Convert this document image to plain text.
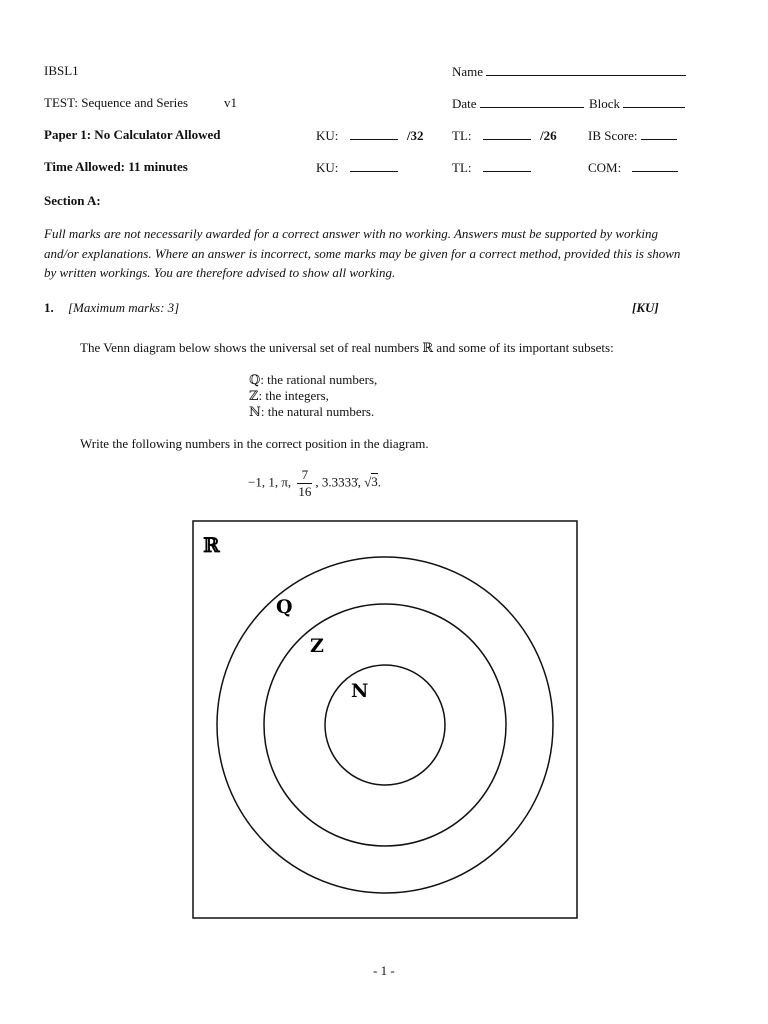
IBSL1	Name
TEST: Sequence and Series	v1	Date	Block
Paper 1: No Calculator Allowed	KU:	/32 TL:	/26 IB Score:
Time Allowed: 11 minutes	KU:	TL:	COM:
Section A:
Full marks are not necessarily awarded for a correct answer with no working. Answers must be supported by working and/or explanations. Where an answer is incorrect, some marks may be given for a correct method, provided this is shown by written workings. You are therefore advised to show all working.
1. [Maximum marks: 3]	[KU]
The Venn diagram below shows the universal set of real numbers ℝ and some of its important subsets:
ℚ: the rational numbers,
ℤ: the integers,
ℕ: the natural numbers.
Write the following numbers in the correct position in the diagram.
−1, 1, π, $\frac{7}{16}$ , 3.3333̇, √3.
ℝ
Q
Z
N
- 1 -
